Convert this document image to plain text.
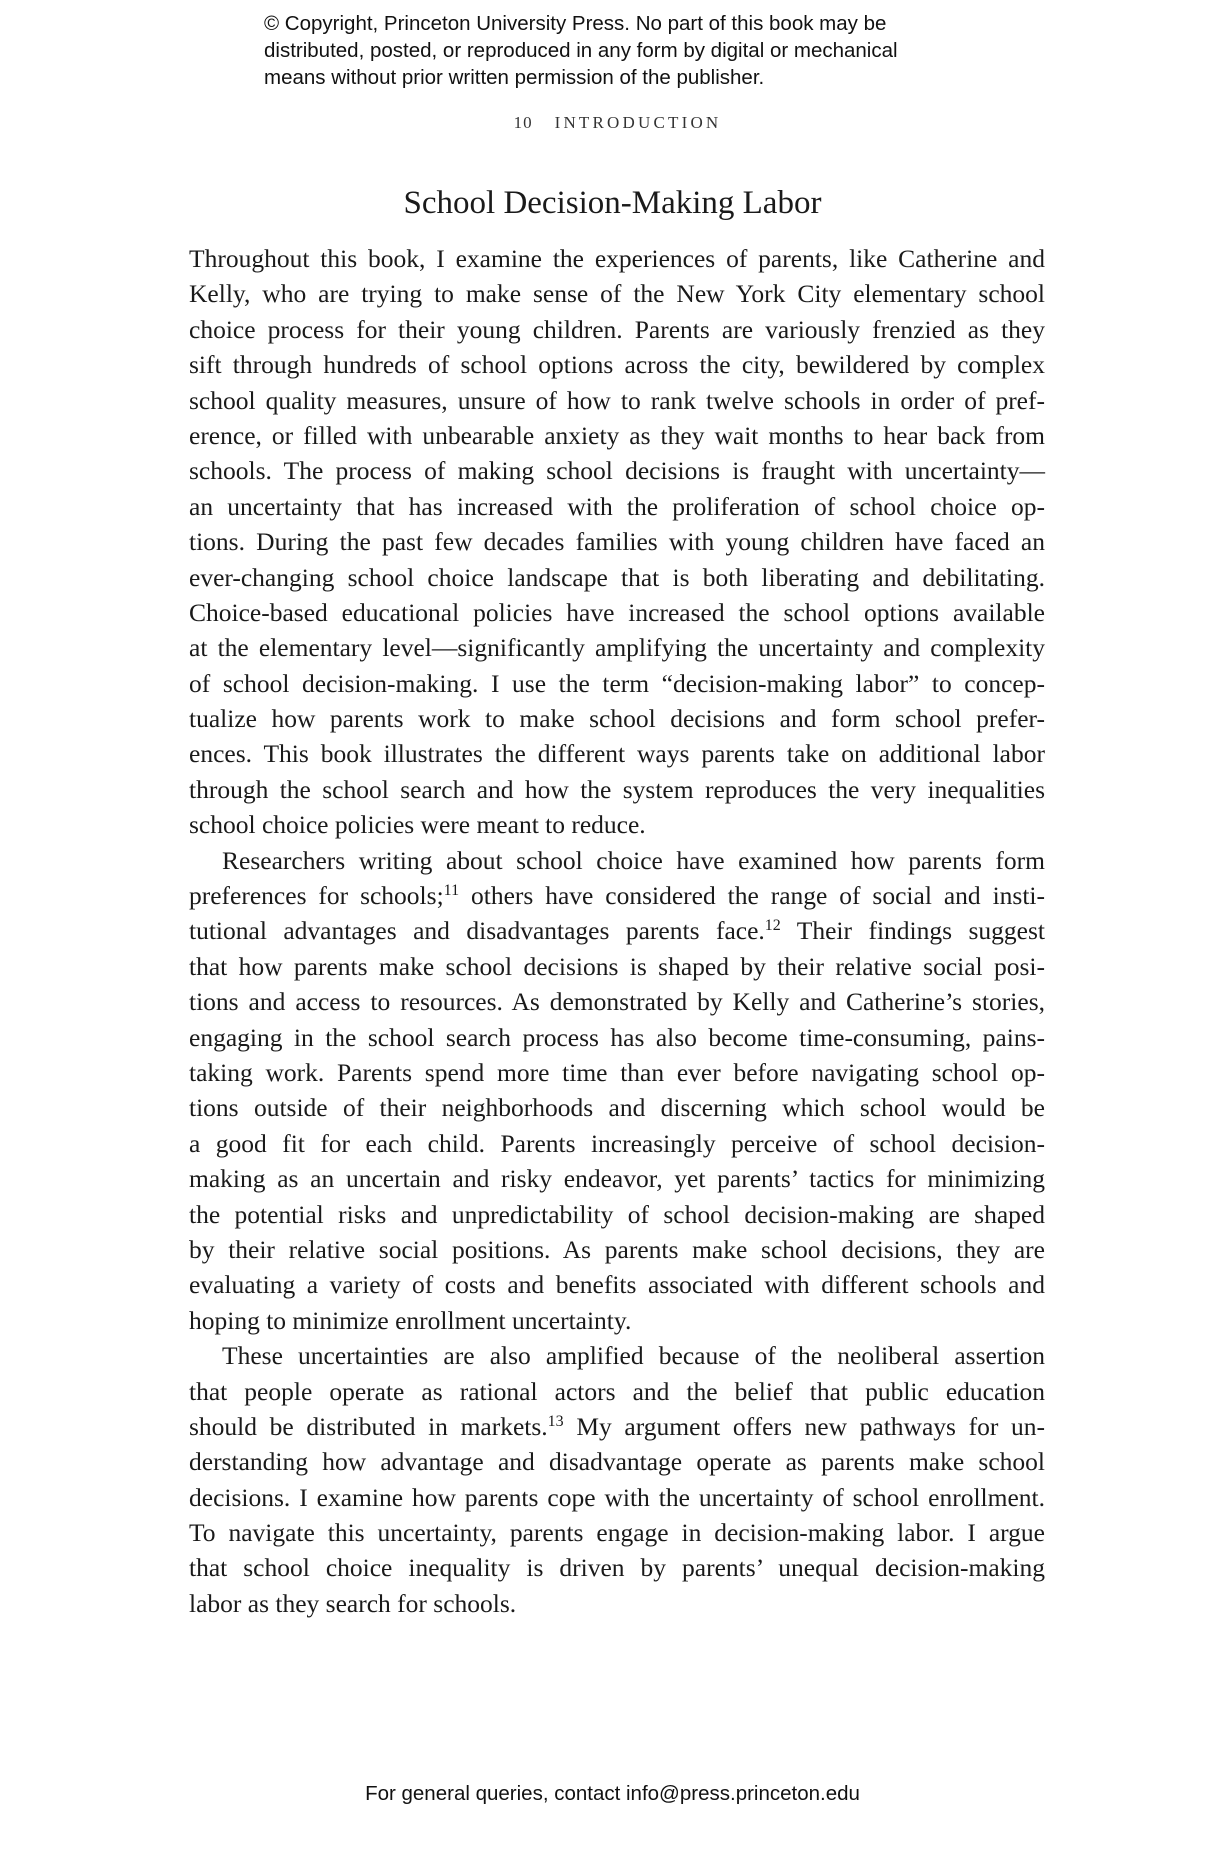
© Copyright, Princeton University Press. No part of this book may be
distributed, posted, or reproduced in any form by digital or mechanical
means without prior written permission of the publisher.
10 INTRODUCTION
School Decision-Making Labor
Throughout this book, I examine the experiences of parents, like Catherine and
Kelly, who are trying to make sense of the New York City elementary school
choice process for their young children. Parents are variously frenzied as they
sift through hundreds of school options across the city, bewildered by complex
school quality measures, unsure of how to rank twelve schools in order of pref-
erence, or filled with unbearable anxiety as they wait months to hear back from
schools. The process of making school decisions is fraught with uncertainty—
an uncertainty that has increased with the proliferation of school choice op-
tions. During the past few decades families with young children have faced an
ever-changing school choice landscape that is both liberating and debilitating.
Choice-based educational policies have increased the school options available
at the elementary level—significantly amplifying the uncertainty and complexity
of school decision-making. I use the term “decision-making labor” to concep-
tualize how parents work to make school decisions and form school prefer-
ences. This book illustrates the different ways parents take on additional labor
through the school search and how the system reproduces the very inequalities
school choice policies were meant to reduce.
Researchers writing about school choice have examined how parents form
preferences for schools;$^{11}$ others have considered the range of social and insti-
tutional advantages and disadvantages parents face.$^{12}$ Their findings suggest
that how parents make school decisions is shaped by their relative social posi-
tions and access to resources. As demonstrated by Kelly and Catherine’s stories,
engaging in the school search process has also become time-consuming, pains-
taking work. Parents spend more time than ever before navigating school op-
tions outside of their neighborhoods and discerning which school would be
a good fit for each child. Parents increasingly perceive of school decision-
making as an uncertain and risky endeavor, yet parents’ tactics for minimizing
the potential risks and unpredictability of school decision-making are shaped
by their relative social positions. As parents make school decisions, they are
evaluating a variety of costs and benefits associated with different schools and
hoping to minimize enrollment uncertainty.
These uncertainties are also amplified because of the neoliberal assertion
that people operate as rational actors and the belief that public education
should be distributed in markets.$^{13}$ My argument offers new pathways for un-
derstanding how advantage and disadvantage operate as parents make school
decisions. I examine how parents cope with the uncertainty of school enrollment.
To navigate this uncertainty, parents engage in decision-making labor. I argue
that school choice inequality is driven by parents’ unequal decision-making
labor as they search for schools.
For general queries, contact info@press.princeton.edu
